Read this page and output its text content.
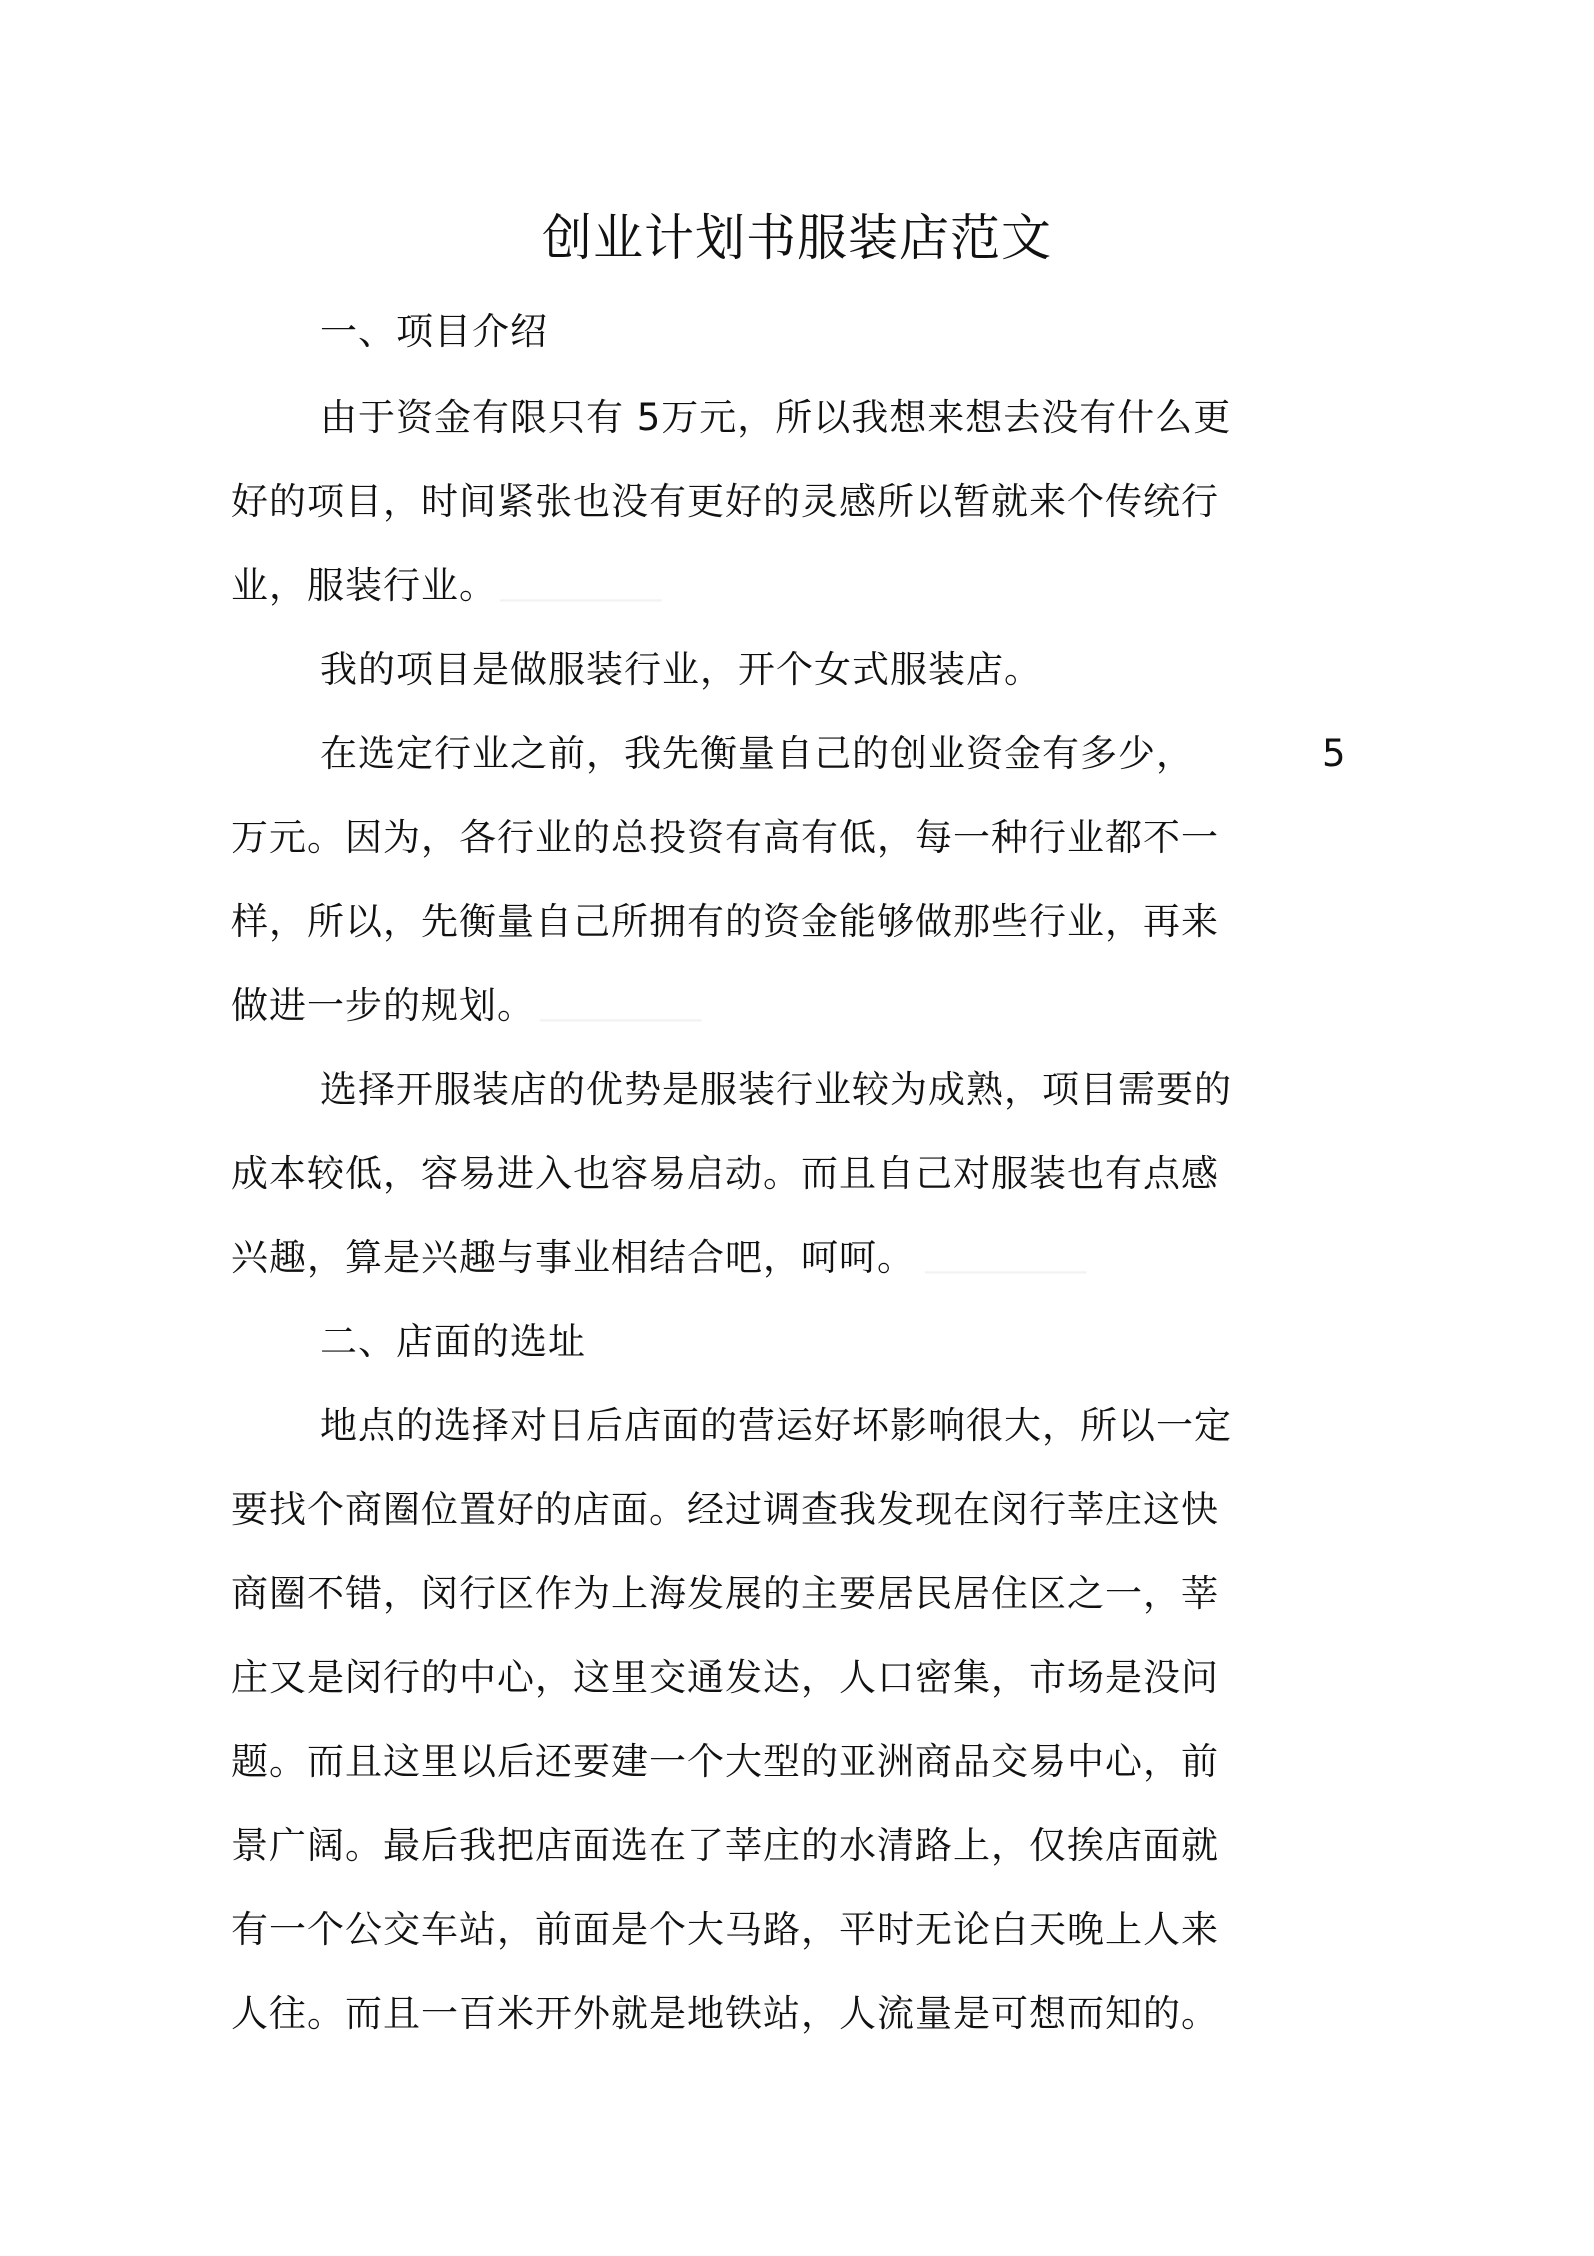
创业计划书服装店范文
一、项目介绍
由于资金有限只有 5万元，所以我想来想去没有什么更
好的项目，时间紧张也没有更好的灵感所以暂就来个传统行
业，服装行业。 ▁▁▁▁▁▁▁▁▁▁▁▁▁▁▁
我的项目是做服装行业，开个女式服装店。
在选定行业之前，我先衡量自己的创业资金有多少，	5
万元。因为，各行业的总投资有高有低，每一种行业都不一
样，所以，先衡量自己所拥有的资金能够做那些行业，再来
做进一步的规划。 ▁▁▁▁▁▁▁▁▁▁▁▁▁▁▁
选择开服装店的优势是服装行业较为成熟，项目需要的
成本较低，容易进入也容易启动。而且自己对服装也有点感
兴趣，算是兴趣与事业相结合吧，呵呵。 ▁▁▁▁▁▁▁▁▁▁▁▁▁▁▁
二、店面的选址
地点的选择对日后店面的营运好坏影响很大，所以一定
要找个商圈位置好的店面。经过调查我发现在闵行莘庄这快
商圈不错，闵行区作为上海发展的主要居民居住区之一，莘
庄又是闵行的中心，这里交通发达，人口密集，市场是没问
题。而且这里以后还要建一个大型的亚洲商品交易中心，前
景广阔。最后我把店面选在了莘庄的水清路上，仅挨店面就
有一个公交车站，前面是个大马路，平时无论白天晚上人来
人往。而且一百米开外就是地铁站，人流量是可想而知的。
